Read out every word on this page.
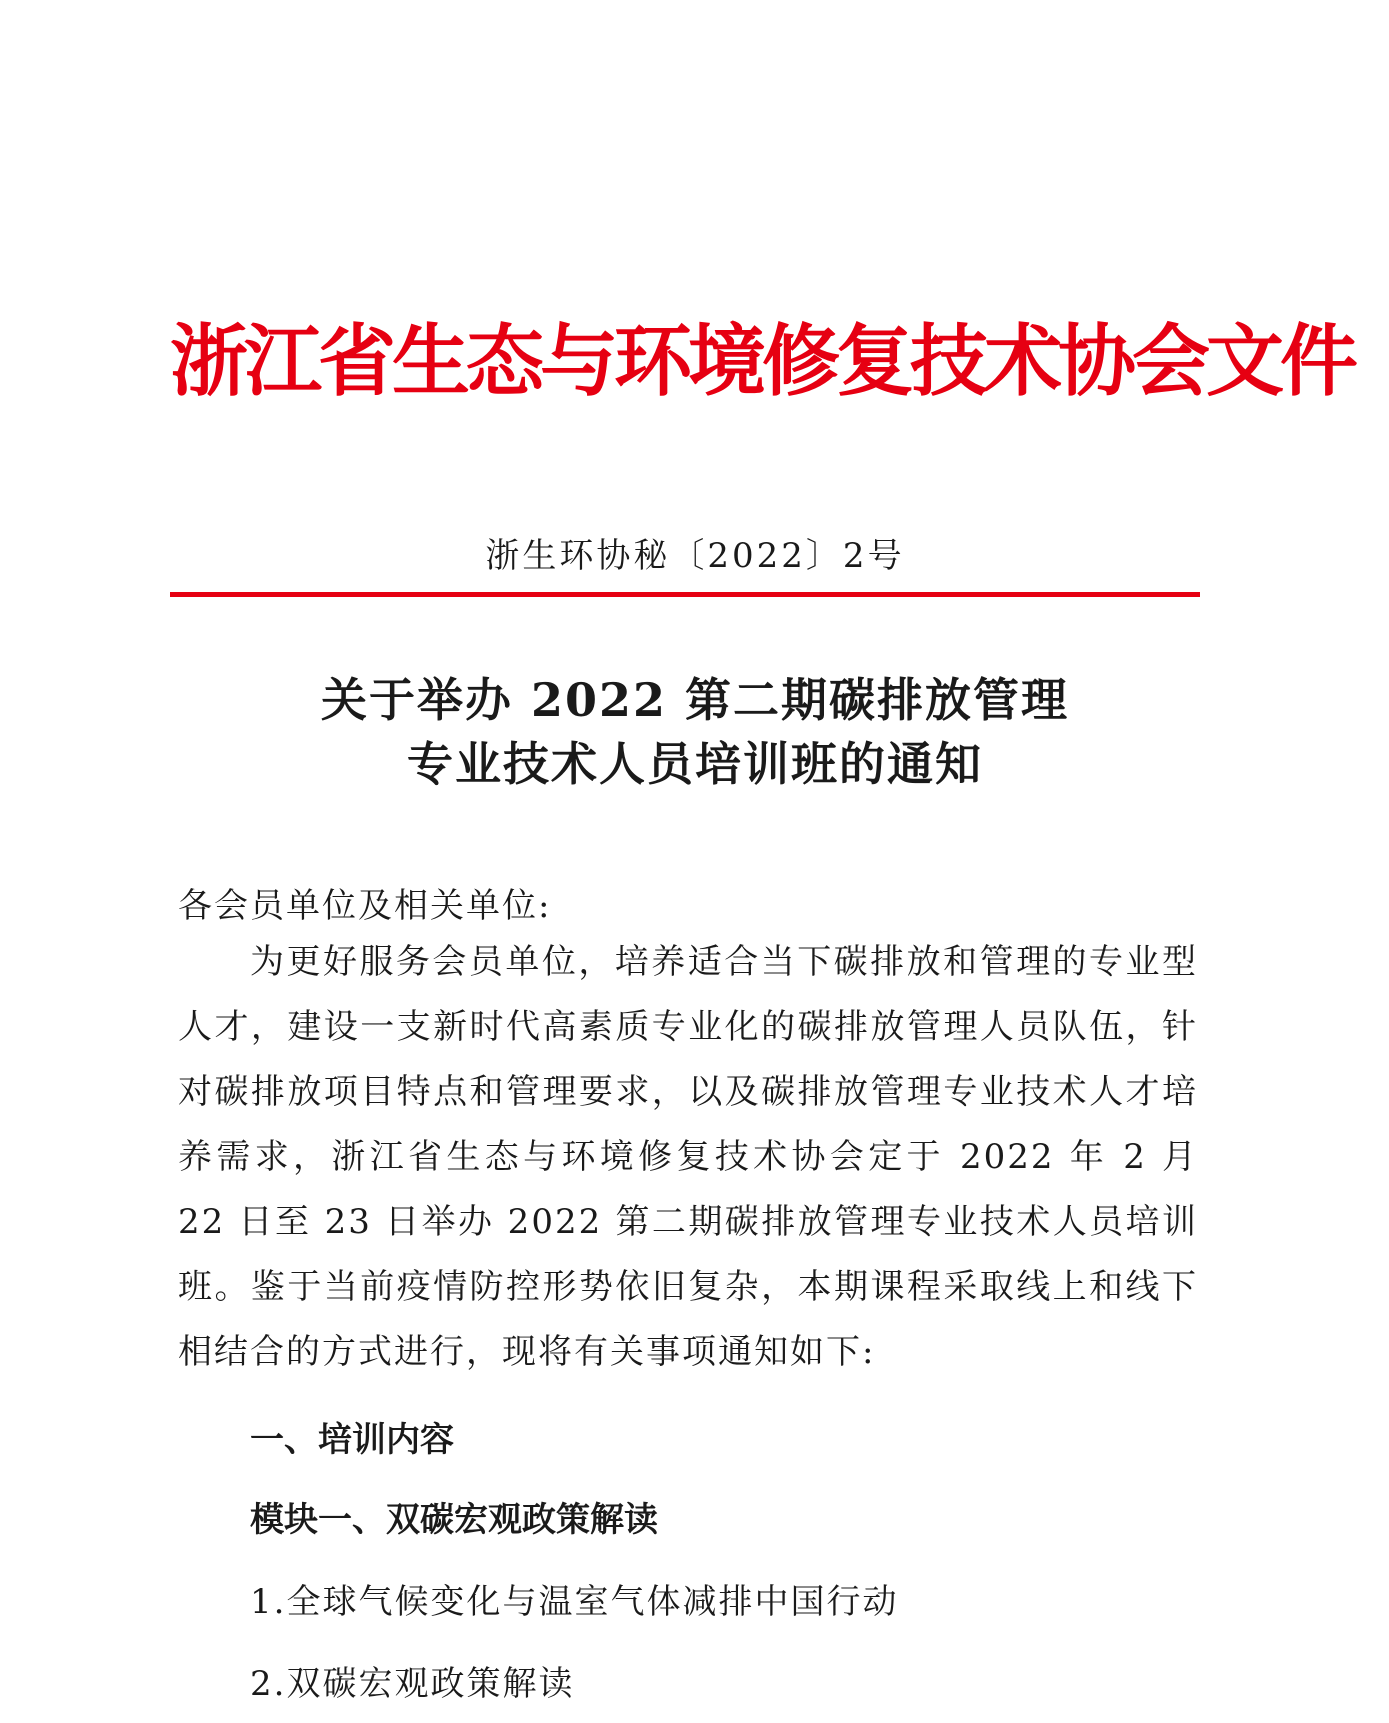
浙江省生态与环境修复技术协会文件
浙生环协秘〔2022〕2号
关于举办 2022 第二期碳排放管理
专业技术人员培训班的通知
各会员单位及相关单位:
为更好服务会员单位，培养适合当下碳排放和管理的专业型人才，建设一支新时代高素质专业化的碳排放管理人员队伍，针对碳排放项目特点和管理要求，以及碳排放管理专业技术人才培养需求，浙江省生态与环境修复技术协会定于 2022 年 2 月 22 日至 23 日举办 2022 第二期碳排放管理专业技术人员培训班。鉴于当前疫情防控形势依旧复杂，本期课程采取线上和线下相结合的方式进行，现将有关事项通知如下:
一、培训内容
模块一、双碳宏观政策解读
1.全球气候变化与温室气体减排中国行动
2.双碳宏观政策解读
